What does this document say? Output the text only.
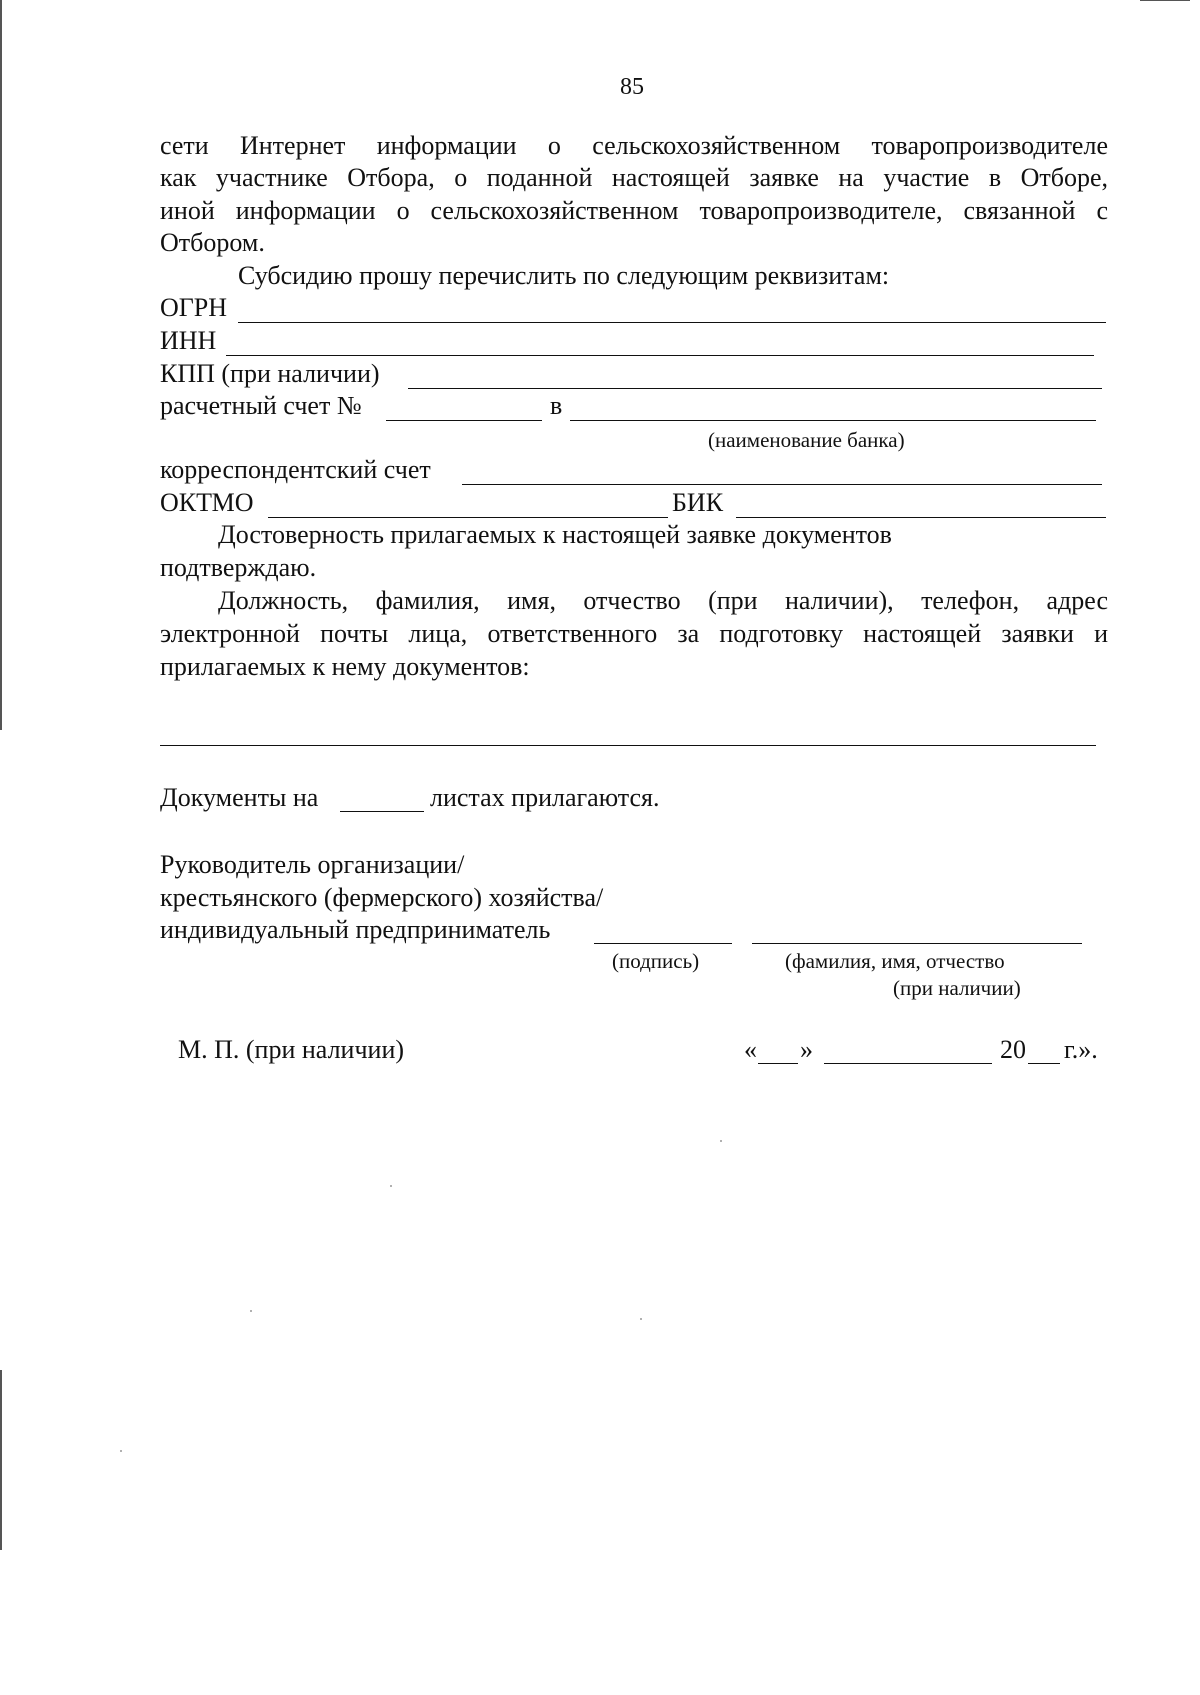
85
сети Интернет информации о сельскохозяйственном товаропроизводителе
как участнике Отбора, о поданной настоящей заявке на участие в Отборе,
иной информации о сельскохозяйственном товаропроизводителе, связанной с
Отбором.
Субсидию прошу перечислить по следующим реквизитам:
ОГРН
ИНН
КПП (при наличии)
расчетный счет №	в
(наименование банка)
корреспондентский счет
ОКТМО	БИК
Достоверность прилагаемых к настоящей заявке документов
подтверждаю.
Должность, фамилия, имя, отчество (при наличии), телефон, адрес
электронной почты лица, ответственного за подготовку настоящей заявки и
прилагаемых к нему документов:
Документы на	листах прилагаются.
Руководитель организации/
крестьянского (фермерского) хозяйства/
индивидуальный предприниматель
(подпись)	(фамилия, имя, отчество
(при наличии)
М. П. (при наличии)	« »	20 г.».
